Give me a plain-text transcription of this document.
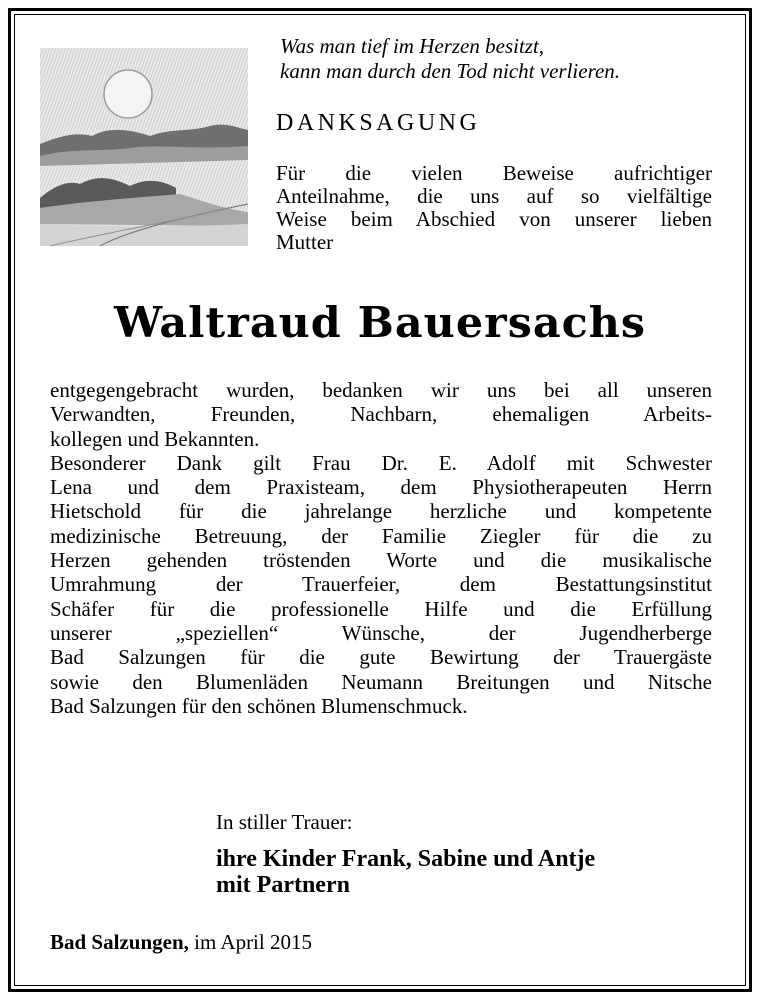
Was man tief im Herzen besitzt,
kann man durch den Tod nicht verlieren.
DANKSAGUNG
Für die vielen Beweise aufrichtiger
Anteilnahme, die uns auf so vielfältige
Weise beim Abschied von unserer lieben
Mutter
Waltraud Bauersachs
entgegengebracht wurden, bedanken wir uns bei all unseren
Verwandten, Freunden, Nachbarn, ehemaligen Arbeits-
kollegen und Bekannten.
Besonderer Dank gilt Frau Dr. E. Adolf mit Schwester
Lena und dem Praxisteam, dem Physiotherapeuten Herrn
Hietschold für die jahrelange herzliche und kompetente
medizinische Betreuung, der Familie Ziegler für die zu
Herzen gehenden tröstenden Worte und die musikalische
Umrahmung der Trauerfeier, dem Bestattungsinstitut
Schäfer für die professionelle Hilfe und die Erfüllung
unserer „speziellen“ Wünsche, der Jugendherberge
Bad Salzungen für die gute Bewirtung der Trauergäste
sowie den Blumenläden Neumann Breitungen und Nitsche
Bad Salzungen für den schönen Blumenschmuck.
In stiller Trauer:
ihre Kinder Frank, Sabine und Antje
mit Partnern
Bad Salzungen, im April 2015
